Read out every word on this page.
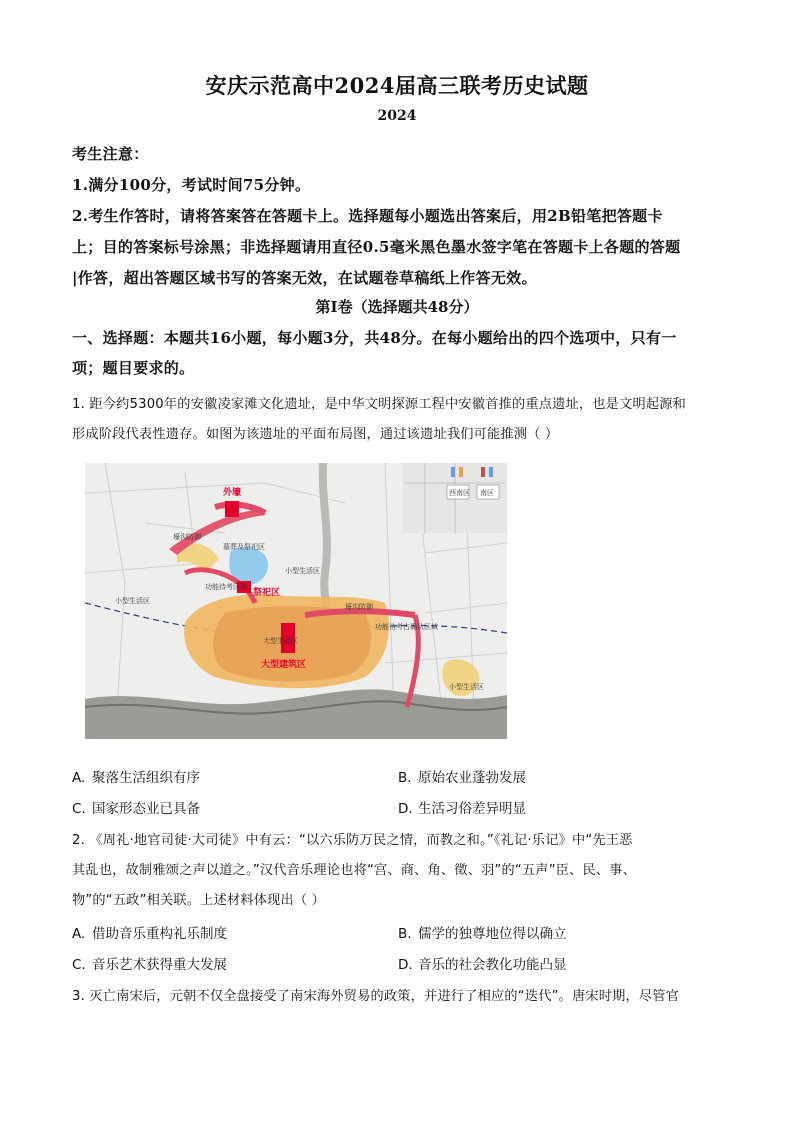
安庆示范高中2024届高三联考历史试题
2024
考生注意：
1.满分100分，考试时间75分钟。
2.考生作答时，请将答案答在答题卡上。选择题每小题选出答案后，用2B铅笔把答题卡
上；目的答案标号涂黑；非选择题请用直径0.5毫米黑色墨水签字笔在答题卡上各题的答题
|作答，超出答题区域书写的答案无效，在试题卷草稿纸上作答无效。
第Ⅰ卷（选择题共48分）
一、选择题：本题共16小题，每小题3分，共48分。在每小题给出的四个选项中，只有一
项；题目要求的。
1. 距今约5300年的安徽凌家滩文化遗址，是中华文明探源工程中安徽首推的重点遗址，也是文明起源和
形成阶段代表性遗存。如图为该遗址的平面布局图，通过该遗址我们可能推测（ ）
西南区 南区
外壕
壕沟防御
墓葬及祭祀区
功能待考区域
祭祀区
小型生活区
小型生活区
壕沟防御
功能待考古确认区域
大型生活区
大型建筑区
小型生活区
A. 聚落生活组织有序	B. 原始农业蓬勃发展
C. 国家形态业已具备	D. 生活习俗差异明显
2. 《周礼·地官司徒·大司徒》中有云：“以六乐防万民之情，而教之和。”《礼记·乐记》中“先王恶
其乱也，故制雅颂之声以道之。”汉代音乐理论也将“宫、商、角、徵、羽”的“五声”臣、民、事、
物”的“五政”相关联。上述材料体现出（ ）
A. 借助音乐重构礼乐制度	B. 儒学的独尊地位得以确立
C. 音乐艺术获得重大发展	D. 音乐的社会教化功能凸显
3. 灭亡南宋后，元朝不仅全盘接受了南宋海外贸易的政策，并进行了相应的“迭代”。唐宋时期，尽管官
